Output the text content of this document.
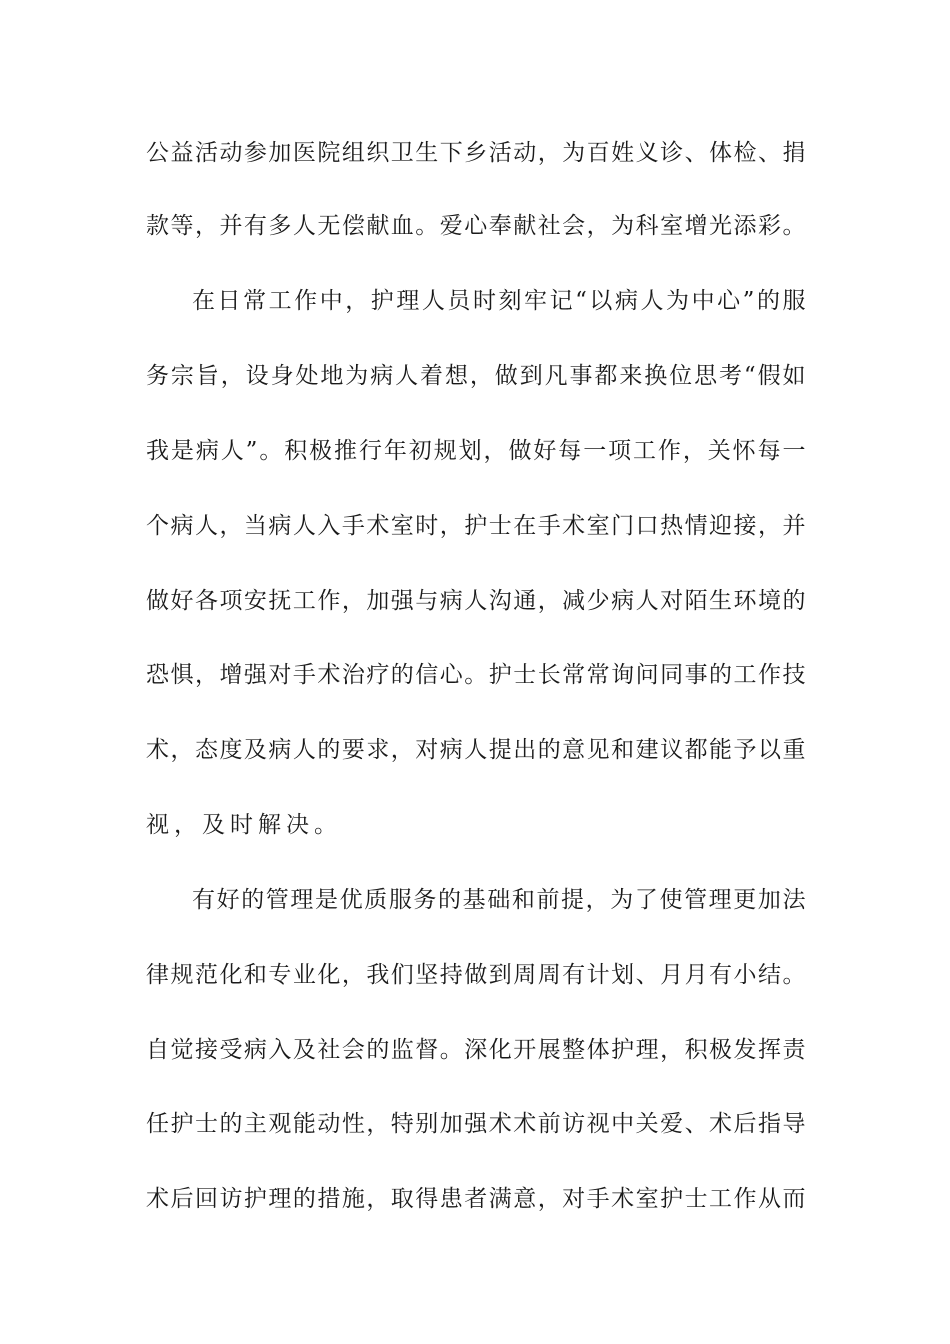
公益活动参加医院组织卫生下乡活动，为百姓义诊、体检、捐
款等，并有多人无偿献血。爱心奉献社会，为科室增光添彩。
在日常工作中，护理人员时刻牢记“以病人为中心”的服
务宗旨，设身处地为病人着想，做到凡事都来换位思考“假如
我是病人”。积极推行年初规划，做好每一项工作，关怀每一
个病人，当病人入手术室时，护士在手术室门口热情迎接，并
做好各项安抚工作，加强与病人沟通，减少病人对陌生环境的
恐惧，增强对手术治疗的信心。护士长常常询问同事的工作技
术，态度及病人的要求，对病人提出的意见和建议都能予以重
视，及时解决。
有好的管理是优质服务的基础和前提，为了使管理更加法
律规范化和专业化，我们坚持做到周周有计划、月月有小结。
自觉接受病入及社会的监督。深化开展整体护理，积极发挥责
任护士的主观能动性，特别加强术术前访视中关爱、术后指导
术后回访护理的措施，取得患者满意，对手术室护士工作从而
